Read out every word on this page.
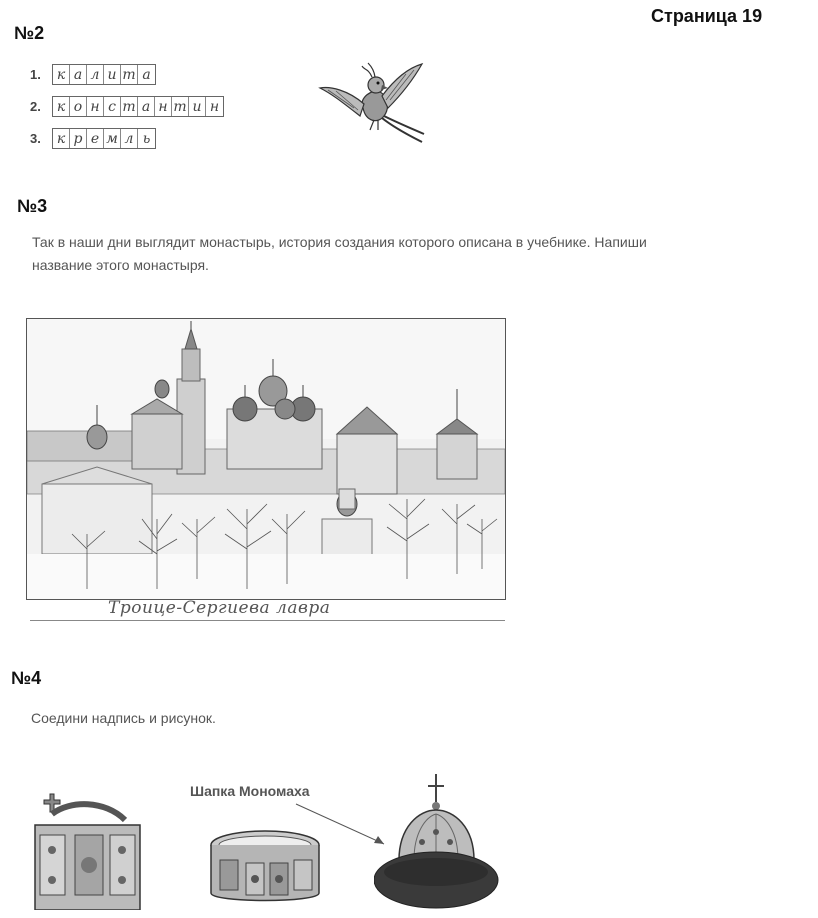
Страница 19
№2
1.	к а л и т а
2.	к о н с т а н т и н
3.	к р е м л ь
№3
Так в наши дни выглядит монастырь, история создания которого описана в учебнике. Напиши
название этого монастыря.
Троице-Сергиева лавра
№4
Соедини надпись и рисунок.
Шапка Мономаха
